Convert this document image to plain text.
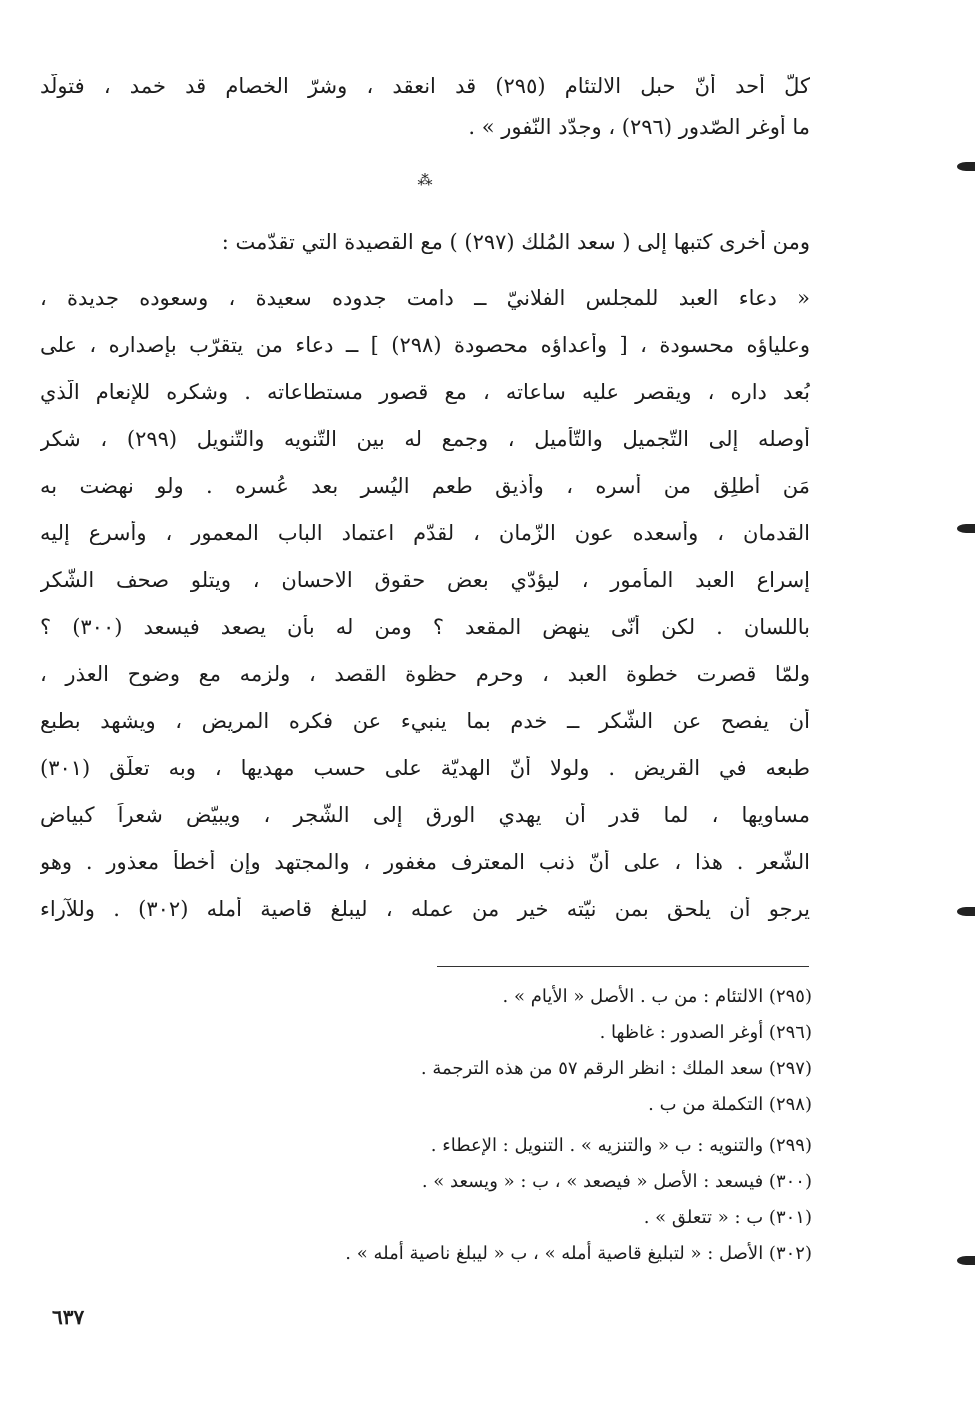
كلّ أحد أنّ حبل الالتئام (٢٩٥) قد انعقد ، وشرّ الخصام قد خمد ، فتولّد
ما أوغر الصّدور (٢٩٦) ، وجدّد النّفور » .
⁂
ومن أخرى كتبها إلى ( سعد المُلك (٢٩٧) ) مع القصيدة التي تقدّمت :
« دعاء العبد للمجلس الفلانيّ ــ دامت جدوده سعيدة ، وسعوده جديدة ،
وعلياؤه محسودة ، [ وأعداؤه محصودة (٢٩٨) ] ــ دعاء من يتقرّب بإصداره ، على
بُعد داره ، ويقصر عليه ساعاته ، مع قصور مستطاعاته . وشكره للإنعام الّذي
أوصله إلى التّجميل والتّأميل ، وجمع له بين التّنويه والتّنويل (٢٩٩) ، شكر
مَن أُطلِق من أسره ، وأُذيق طعم اليُسر بعد عُسره . ولو نهضت به
القدمان ، وأسعده عون الزّمان ، لقدّم اعتماد الباب المعمور ، وأسرع إليه
إسراع العبد المأمور ، ليؤدّي بعض حقوق الاحسان ، ويتلو صحف الشّكر
باللسان . لكن أنّى ينهض المقعد ؟ ومن له بأن يصعد فيسعد (٣٠٠) ؟
ولمّا قصرت خطوة العبد ، وحرم حظوة القصد ، ولزمه مع وضوح العذر ،
أن يفصح عن الشّكر ــ خدم بما ينبيء عن فكره المريض ، ويشهد بطبع
طبعه في القريض . ولولا أنّ الهديّة على حسب مهديها ، وبه تعلّق (٣٠١)
مساويها ، لما قدر أن يهدي الورق إلى الشّجر ، ويبيّض شعراً كبياض
الشّعر . هذا ، على أنّ ذنب المعترف مغفور ، والمجتهد وإن أخطأ معذور . وهو
يرجو أن يلحق بمن نيّته خير من عمله ، ليبلغ قاصية أمله (٣٠٢) . وللآراء
(٢٩٥) الالتئام : من ب . الأصل « الأيام » .
(٢٩٦) أوغر الصدور : غاظها .
(٢٩٧) سعد الملك : انظر الرقم ٥٧ من هذه الترجمة .
(٢٩٨) التكملة من ب .
(٢٩٩) والتنويه : ب « والتنزيه » . التنويل : الإعطاء .
(٣٠٠) فيسعد : الأصل « فيصعد » ، ب : « ويسعد » .
(٣٠١) ب : « تتعلق » .
(٣٠٢) الأصل : « لتبليغ قاصية أمله » ، ب « ليبلغ ناصية أمله » .
٦٣٧
